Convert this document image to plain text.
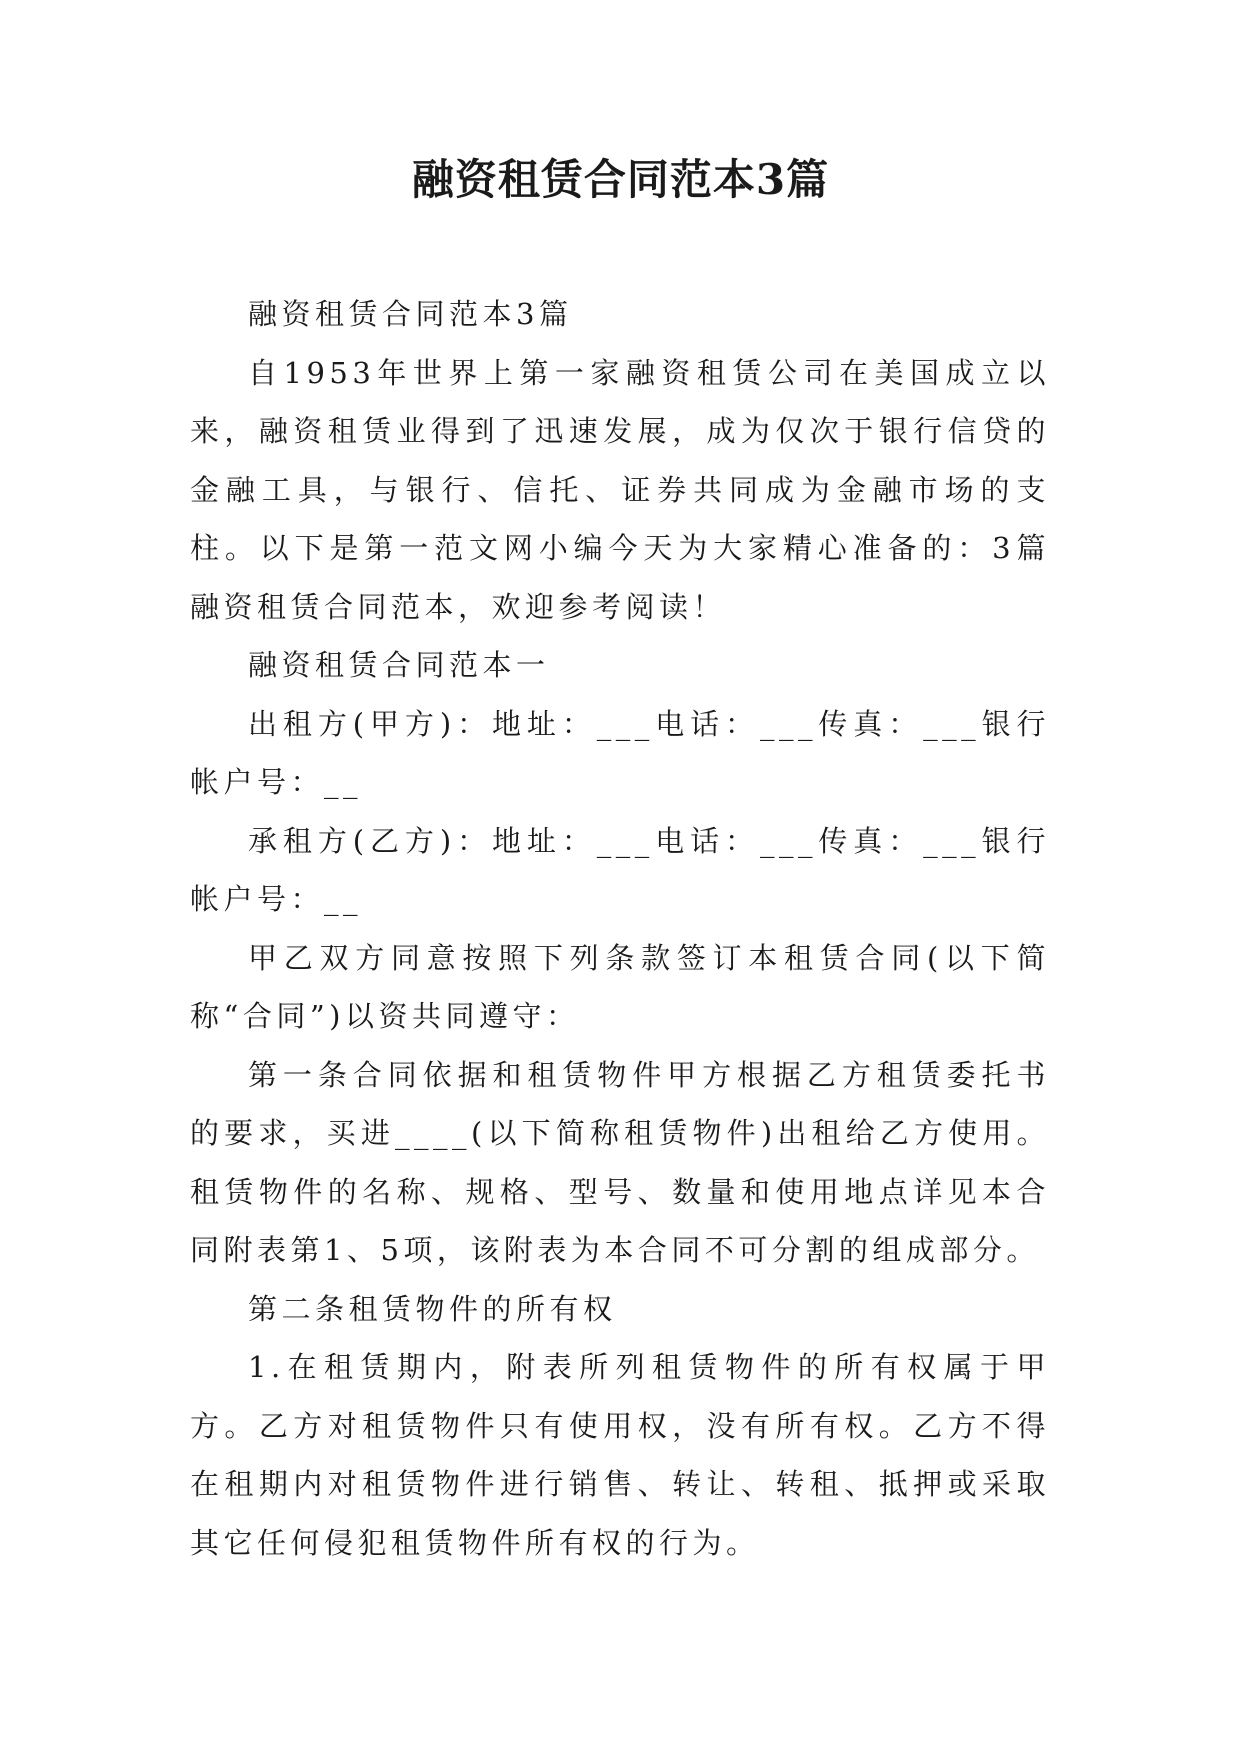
融资租赁合同范本3篇

融资租赁合同范本3篇

自1953年世界上第一家融资租赁公司在美国成立以来，融资租赁业得到了迅速发展，成为仅次于银行信贷的金融工具，与银行、信托、证券共同成为金融市场的支柱。以下是第一范文网小编今天为大家精心准备的：3篇融资租赁合同范本，欢迎参考阅读！

融资租赁合同范本一

出租方(甲方)：地址：___电话：___传真：___银行帐户号：__

承租方(乙方)：地址：___电话：___传真：___银行帐户号：__

甲乙双方同意按照下列条款签订本租赁合同(以下简称“合同”)以资共同遵守：

第一条合同依据和租赁物件甲方根据乙方租赁委托书的要求，买进____(以下简称租赁物件)出租给乙方使用。租赁物件的名称、规格、型号、数量和使用地点详见本合同附表第1、5项，该附表为本合同不可分割的组成部分。

第二条租赁物件的所有权

1.在租赁期内，附表所列租赁物件的所有权属于甲方。乙方对租赁物件只有使用权，没有所有权。乙方不得在租期内对租赁物件进行销售、转让、转租、抵押或采取其它任何侵犯租赁物件所有权的行为。
